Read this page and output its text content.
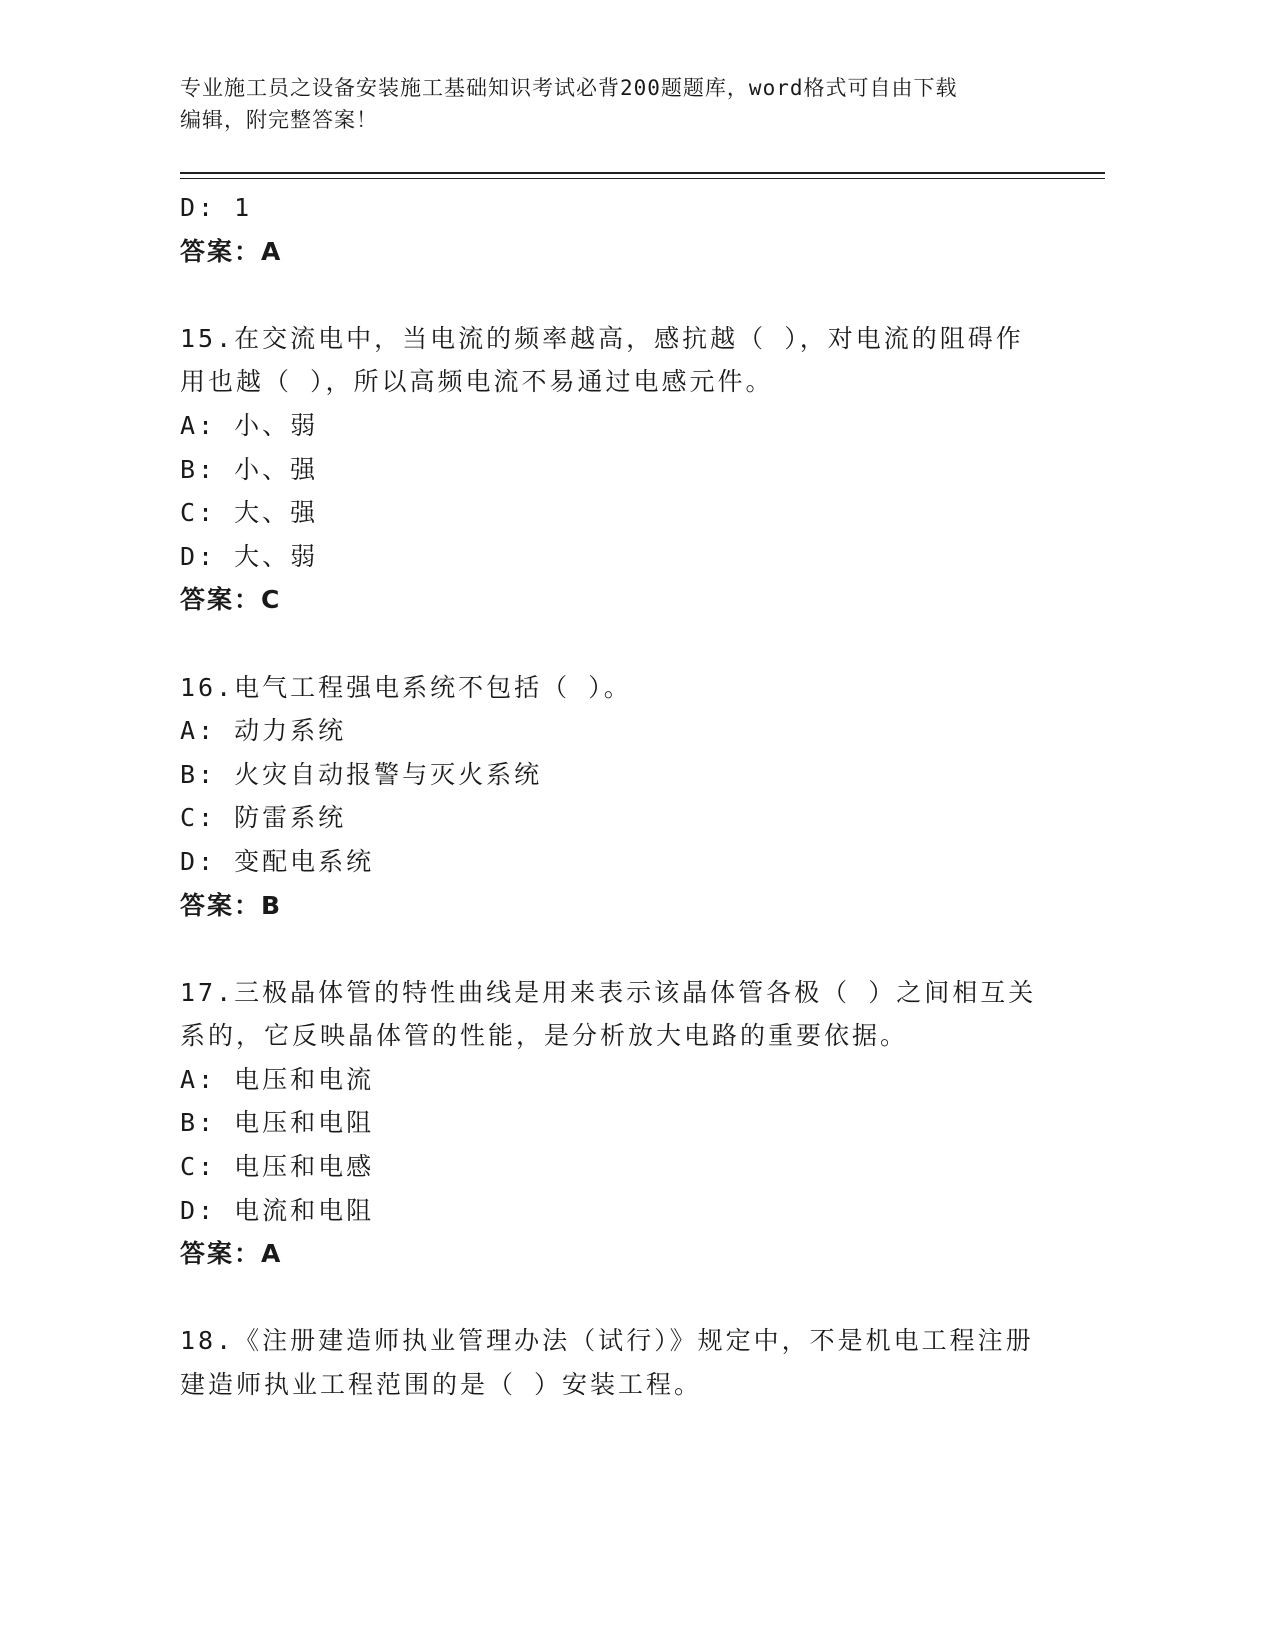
专业施工员之设备安装施工基础知识考试必背200题题库，word格式可自由下载
编辑，附完整答案！
D: 1
答案：A
15.在交流电中，当电流的频率越高，感抗越（ ），对电流的阻碍作
用也越（ ），所以高频电流不易通过电感元件。
A: 小、弱
B: 小、强
C: 大、强
D: 大、弱
答案：C
16.电气工程强电系统不包括（ ）。
A: 动力系统
B: 火灾自动报警与灭火系统
C: 防雷系统
D: 变配电系统
答案：B
17.三极晶体管的特性曲线是用来表示该晶体管各极（ ）之间相互关
系的，它反映晶体管的性能，是分析放大电路的重要依据。
A: 电压和电流
B: 电压和电阻
C: 电压和电感
D: 电流和电阻
答案：A
18.《注册建造师执业管理办法（试行）》规定中，不是机电工程注册
建造师执业工程范围的是（ ）安装工程。
